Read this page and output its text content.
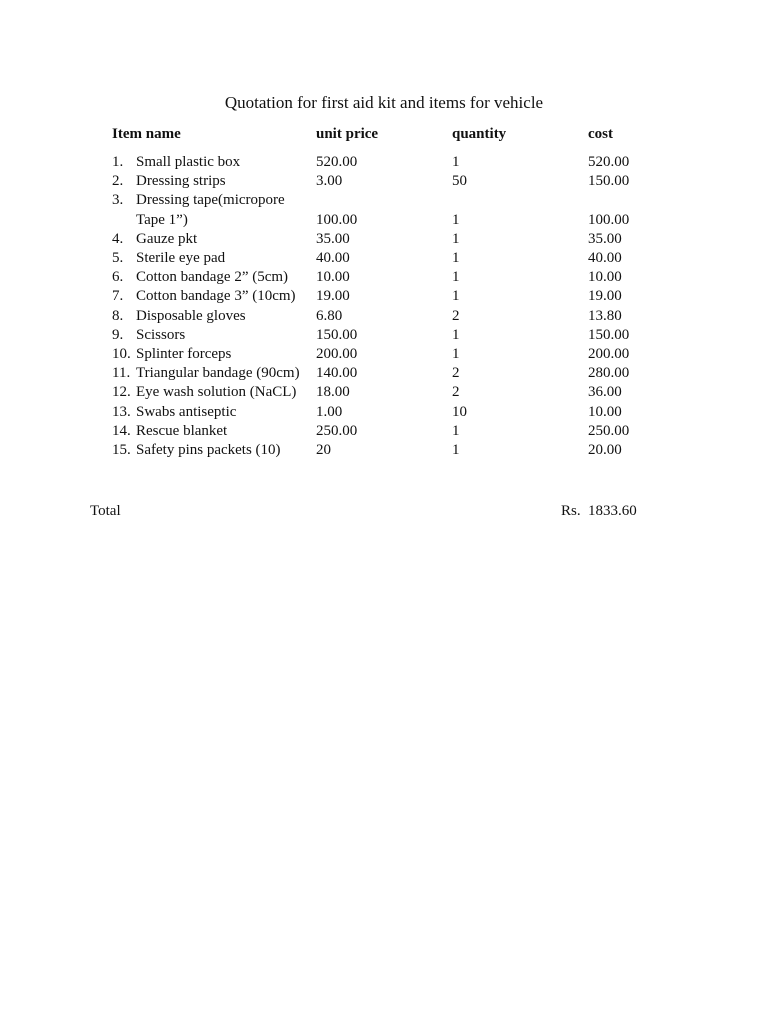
Quotation for first aid kit and items for vehicle
Item name	unit price	quantity	cost
1. Small plastic box	520.00	1	520.00
2. Dressing strips	3.00	50	150.00
3. Dressing tape(micropore
Tape 1”)	100.00	1	100.00
4. Gauze pkt	35.00	1	35.00
5. Sterile eye pad	40.00	1	40.00
6. Cotton bandage 2” (5cm) 10.00	1	10.00
7. Cotton bandage 3” (10cm) 19.00	1	19.00
8. Disposable gloves	6.80	2	13.80
9. Scissors	150.00	1	150.00
10. Splinter forceps	200.00	1	200.00
11. Triangular bandage (90cm) 140.00	2	280.00
12. Eye wash solution (NaCL) 18.00	2	36.00
13. Swabs antiseptic	1.00	10	10.00
14. Rescue blanket	250.00	1	250.00
15. Safety pins packets (10) 20	1	20.00
Total	Rs. 1833.60
